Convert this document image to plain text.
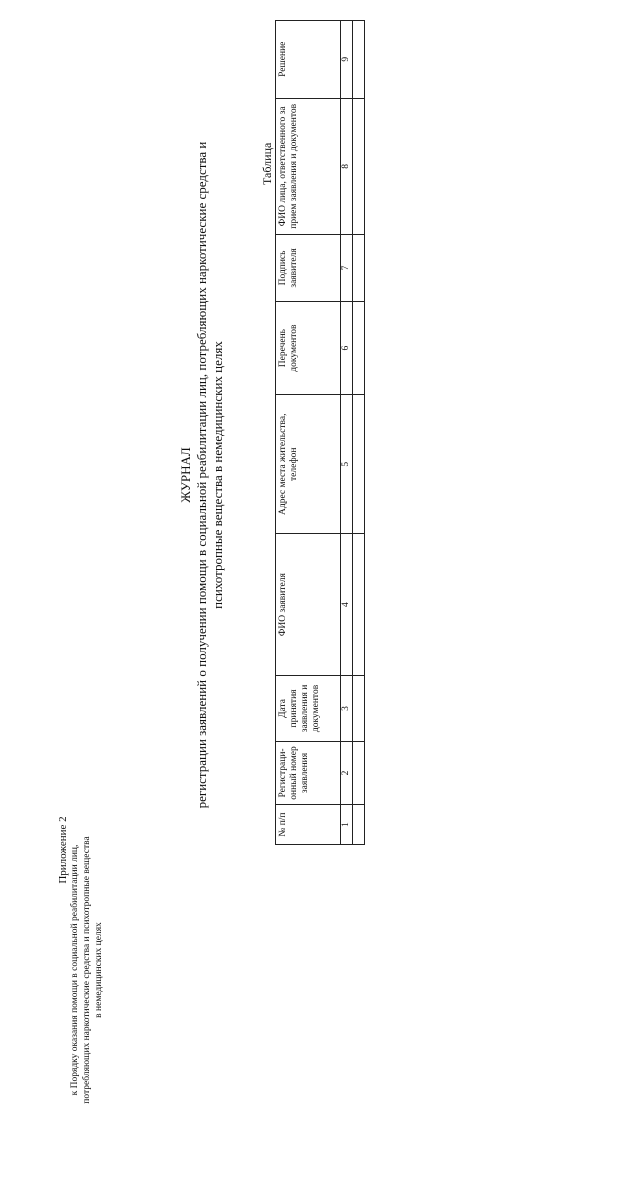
Приложение 2 к Порядку оказания помощи в социальной реабилитации лиц, потребляющих наркотические средства и психотропные вещества в немедицинских целях
ЖУРНАЛ регистрации заявлений о получении помощи в социальной реабилитации лиц, потребляющих наркотические средства и психотропные вещества в немедицинских целях
Таблица
№ п/п	Регистраци-онный номер заявления	Дата принятия заявления и документов	ФИО заявителя	Адрес места жительства, телефон	Перечень документов	Подпись заявителя	ФИО лица, ответственного за прием заявления и документов	Решение
1	2	3	4	5	6	7	8	9
